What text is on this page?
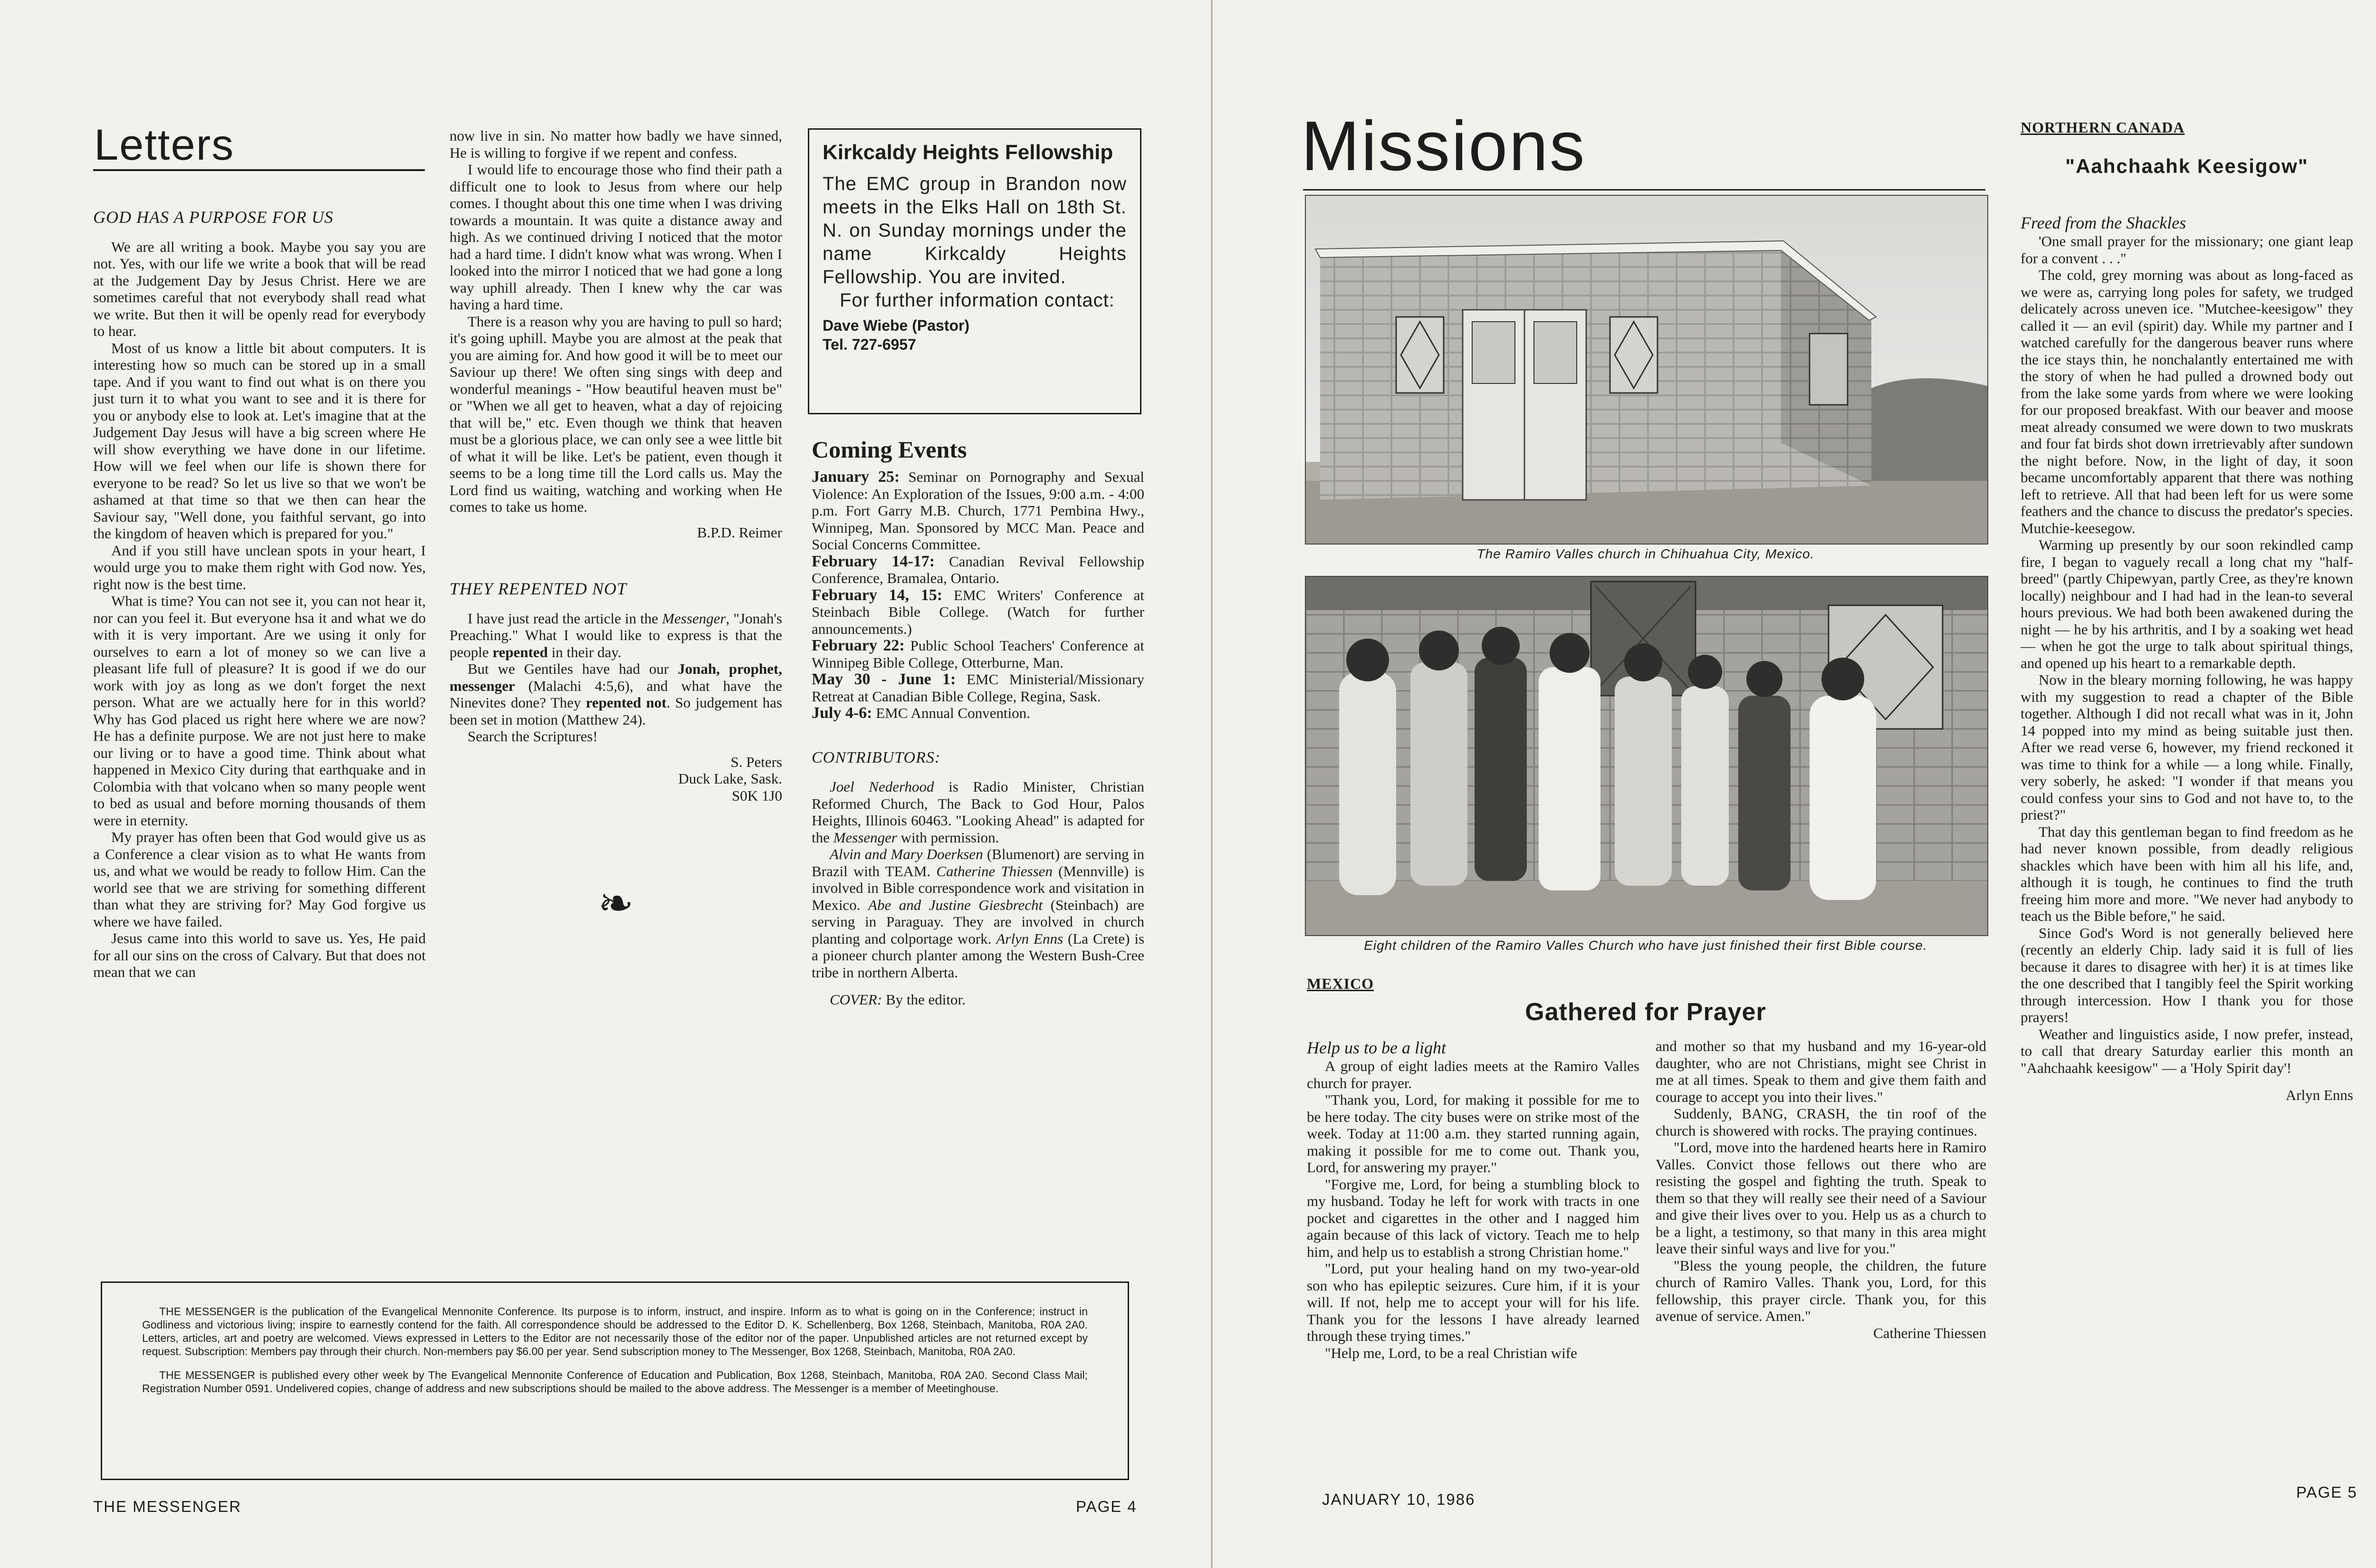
Letters
GOD HAS A PURPOSE FOR US

We are all writing a book. Maybe you say you are not. Yes, with our life we write a book that will be read at the Judgement Day by Jesus Christ. Here we are sometimes careful that not everybody shall read what we write. But then it will be openly read for everybody to hear.

Most of us know a little bit about computers. It is interesting how so much can be stored up in a small tape. And if you want to find out what is on there you just turn it to what you want to see and it is there for you or anybody else to look at. Let's imagine that at the Judgement Day Jesus will have a big screen where He will show everything we have done in our lifetime. How will we feel when our life is shown there for everyone to be read? So let us live so that we won't be ashamed at that time so that we then can hear the Saviour say, "Well done, you faithful servant, go into the kingdom of heaven which is prepared for you."

And if you still have unclean spots in your heart, I would urge you to make them right with God now. Yes, right now is the best time.

What is time? You can not see it, you can not hear it, nor can you feel it. But everyone hsa it and what we do with it is very important. Are we using it only for ourselves to earn a lot of money so we can live a pleasant life full of pleasure? It is good if we do our work with joy as long as we don't forget the next person. What are we actually here for in this world? Why has God placed us right here where we are now? He has a definite purpose. We are not just here to make our living or to have a good time. Think about what happened in Mexico City during that earthquake and in Colombia with that volcano when so many people went to bed as usual and before morning thousands of them were in eternity.

My prayer has often been that God would give us as a Conference a clear vision as to what He wants from us, and what we would be ready to follow Him. Can the world see that we are striving for something different than what they are striving for? May God forgive us where we have failed.

Jesus came into this world to save us. Yes, He paid for all our sins on the cross of Calvary. But that does not mean that we can

now live in sin. No matter how badly we have sinned, He is willing to forgive if we repent and confess.

I would life to encourage those who find their path a difficult one to look to Jesus from where our help comes. I thought about this one time when I was driving towards a mountain. It was quite a distance away and high. As we continued driving I noticed that the motor had a hard time. I didn't know what was wrong. When I looked into the mirror I noticed that we had gone a long way uphill already. Then I knew why the car was having a hard time.

There is a reason why you are having to pull so hard; it's going uphill. Maybe you are almost at the peak that you are aiming for. And how good it will be to meet our Saviour up there! We often sing sings with deep and wonderful meanings - "How beautiful heaven must be" or "When we all get to heaven, what a day of rejoicing that will be," etc. Even though we think that heaven must be a glorious place, we can only see a wee little bit of what it will be like. Let's be patient, even though it seems to be a long time till the Lord calls us. May the Lord find us waiting, watching and working when He comes to take us home.

B.P.D. Reimer
THEY REPENTED NOT

I have just read the article in the Messenger, "Jonah's Preaching." What I would like to express is that the people repented in their day.

But we Gentiles have had our Jonah, prophet, messenger (Malachi 4:5,6), and what have the Ninevites done? They repented not. So judgement has been set in motion (Matthew 24).

Search the Scriptures!

S. Peters
Duck Lake, Sask.
S0K 1J0
❧
Kirkcaldy Heights Fellowship
The EMC group in Brandon now meets in the Elks Hall on 18th St. N. on Sunday mornings under the name Kirkcaldy Heights Fellowship. You are invited.
For further information contact:
Dave Wiebe (Pastor)
Tel. 727-6957
Coming Events

January 25: Seminar on Pornography and Sexual Violence: An Exploration of the Issues, 9:00 a.m. - 4:00 p.m. Fort Garry M.B. Church, 1771 Pembina Hwy., Winnipeg, Man. Sponsored by MCC Man. Peace and Social Concerns Committee.

February 14-17: Canadian Revival Fellowship Conference, Bramalea, Ontario.

February 14, 15: EMC Writers' Conference at Steinbach Bible College. (Watch for further announcements.)

February 22: Public School Teachers' Conference at Winnipeg Bible College, Otterburne, Man.

May 30 - June 1: EMC Ministerial/Missionary Retreat at Canadian Bible College, Regina, Sask.

July 4-6: EMC Annual Convention.

CONTRIBUTORS:

Joel Nederhood is Radio Minister, Christian Reformed Church, The Back to God Hour, Palos Heights, Illinois 60463. "Looking Ahead" is adapted for the Messenger with permission.

Alvin and Mary Doerksen (Blumenort) are serving in Brazil with TEAM. Catherine Thiessen (Mennville) is involved in Bible correspondence work and visitation in Mexico. Abe and Justine Giesbrecht (Steinbach) are serving in Paraguay. They are involved in church planting and colportage work. Arlyn Enns (La Crete) is a pioneer church planter among the Western Bush-Cree tribe in northern Alberta.

COVER: By the editor.

THE MESSENGER is the publication of the Evangelical Mennonite Conference. Its purpose is to inform, instruct, and inspire. Inform as to what is going on in the Conference; instruct in Godliness and victorious living; inspire to earnestly contend for the faith. All correspondence should be addressed to the Editor D. K. Schellenberg, Box 1268, Steinbach, Manitoba, R0A 2A0. Letters, articles, art and poetry are welcomed. Views expressed in Letters to the Editor are not necessarily those of the editor nor of the paper. Unpublished articles are not returned except by request. Subscription: Members pay through their church. Non-members pay $6.00 per year. Send subscription money to The Messenger, Box 1268, Steinbach, Manitoba, R0A 2A0.
THE MESSENGER is published every other week by The Evangelical Mennonite Conference of Education and Publication, Box 1268, Steinbach, Manitoba, R0A 2A0. Second Class Mail; Registration Number 0591. Undelivered copies, change of address and new subscriptions should be mailed to the above address. The Messenger is a member of Meetinghouse.
THE MESSENGER	PAGE 4
Missions
The Ramiro Valles church in Chihuahua City, Mexico.
Eight children of the Ramiro Valles Church who have just finished their first Bible course.
MEXICO
Gathered for Prayer
Help us to be a light

A group of eight ladies meets at the Ramiro Valles church for prayer.

"Thank you, Lord, for making it possible for me to be here today. The city buses were on strike most of the week. Today at 11:00 a.m. they started running again, making it possible for me to come out. Thank you, Lord, for answering my prayer."

"Forgive me, Lord, for being a stumbling block to my husband. Today he left for work with tracts in one pocket and cigarettes in the other and I nagged him again because of this lack of victory. Teach me to help him, and help us to establish a strong Christian home."

"Lord, put your healing hand on my two-year-old son who has epileptic seizures. Cure him, if it is your will. If not, help me to accept your will for his life. Thank you for the lessons I have already learned through these trying times."

"Help me, Lord, to be a real Christian wife

and mother so that my husband and my 16-year-old daughter, who are not Christians, might see Christ in me at all times. Speak to them and give them faith and courage to accept you into their lives."

Suddenly, BANG, CRASH, the tin roof of the church is showered with rocks. The praying continues.

"Lord, move into the hardened hearts here in Ramiro Valles. Convict those fellows out there who are resisting the gospel and fighting the truth. Speak to them so that they will really see their need of a Saviour and give their lives over to you. Help us as a church to be a light, a testimony, so that many in this area might leave their sinful ways and live for you."

"Bless the young people, the children, the future church of Ramiro Valles. Thank you, Lord, for this fellowship, this prayer circle. Thank you, for this avenue of service. Amen."

Catherine Thiessen
NORTHERN CANADA
"Aahchaahk Keesigow"
Freed from the Shackles

'One small prayer for the missionary; one giant leap for a convent . . ."

The cold, grey morning was about as long-faced as we were as, carrying long poles for safety, we trudged delicately across uneven ice. "Mutchee-keesigow" they called it — an evil (spirit) day. While my partner and I watched carefully for the dangerous beaver runs where the ice stays thin, he nonchalantly entertained me with the story of when he had pulled a drowned body out from the lake some yards from where we were looking for our proposed breakfast. With our beaver and moose meat already consumed we were down to two muskrats and four fat birds shot down irretrievably after sundown the night before. Now, in the light of day, it soon became uncomfortably apparent that there was nothing left to retrieve. All that had been left for us were some feathers and the chance to discuss the predator's species. Mutchie-keesegow.

Warming up presently by our soon rekindled camp fire, I began to vaguely recall a long chat my "half-breed" (partly Chipewyan, partly Cree, as they're known locally) neighbour and I had had in the lean-to several hours previous. We had both been awakened during the night — he by his arthritis, and I by a soaking wet head — when he got the urge to talk about spiritual things, and opened up his heart to a remarkable depth.

Now in the bleary morning following, he was happy with my suggestion to read a chapter of the Bible together. Although I did not recall what was in it, John 14 popped into my mind as being suitable just then. After we read verse 6, however, my friend reckoned it was time to think for a while — a long while. Finally, very soberly, he asked: "I wonder if that means you could confess your sins to God and not have to, to the priest?"

That day this gentleman began to find freedom as he had never known possible, from deadly religious shackles which have been with him all his life, and, although it is tough, he continues to find the truth freeing him more and more. "We never had anybody to teach us the Bible before," he said.

Since God's Word is not generally believed here (recently an elderly Chip. lady said it is full of lies because it dares to disagree with her) it is at times like the one described that I tangibly feel the Spirit working through intercession. How I thank you for those prayers!

Weather and linguistics aside, I now prefer, instead, to call that dreary Saturday earlier this month an "Aahchaahk keesigow" — a 'Holy Spirit day'!

Arlyn Enns
JANUARY 10, 1986	PAGE 5
